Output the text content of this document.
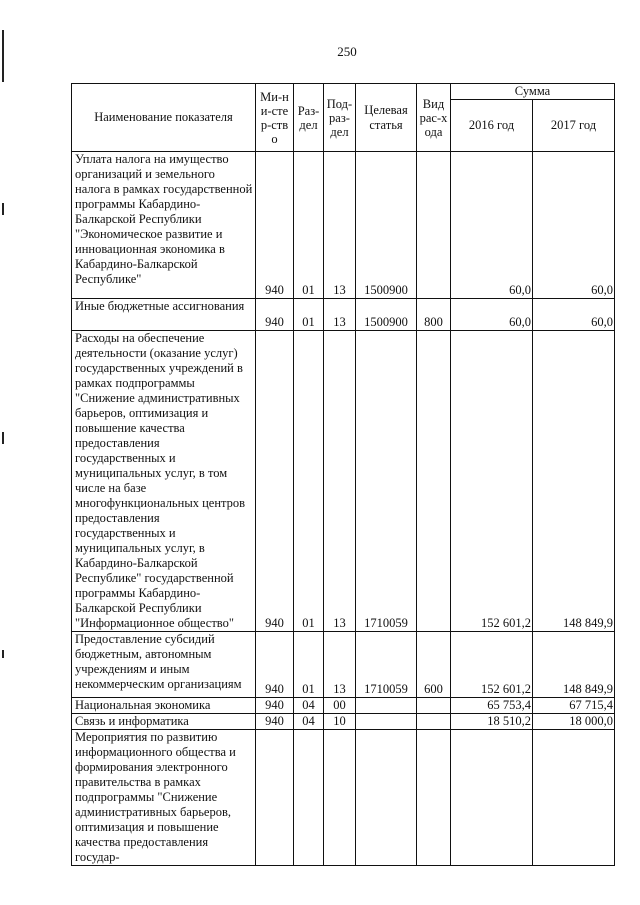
250
Наименование показателя	Ми-ни-стер-ство	Раз-дел	Под-раз-дел	Целевая статья	Вид рас-хода	Сумма	
						2016 год	2017 год
Уплата налога на имущество организаций и земельного налога в рамках государственной программы Кабардино-Балкарской Республики "Экономическое развитие и инновационная экономика в Кабардино-Балкарской Республике"	940	01	13	1500900		60,0	60,0
Иные бюджетные ассигнования	940	01	13	1500900	800	60,0	60,0
Расходы на обеспечение деятельности (оказание услуг) государственных учреждений в рамках подпрограммы "Снижение административных барьеров, оптимизация и повышение качества предоставления государственных и муниципальных услуг, в том числе на базе многофункциональных центров предоставления государственных и муниципальных услуг, в Кабардино-Балкарской Республике" государственной программы Кабардино-Балкарской Республики "Информационное общество"	940	01	13	1710059		152 601,2	148 849,9
Предоставление субсидий бюджетным, автономным учреждениям и иным некоммерческим организациям	940	01	13	1710059	600	152 601,2	148 849,9
Национальная экономика	940	04	00			65 753,4	67 715,4
Связь и информатика	940	04	10			18 510,2	18 000,0
Мероприятия по развитию информационного общества и формирования электронного правительства в рамках подпрограммы "Снижение административных барьеров, оптимизация и повышение качества предоставления государ-							
